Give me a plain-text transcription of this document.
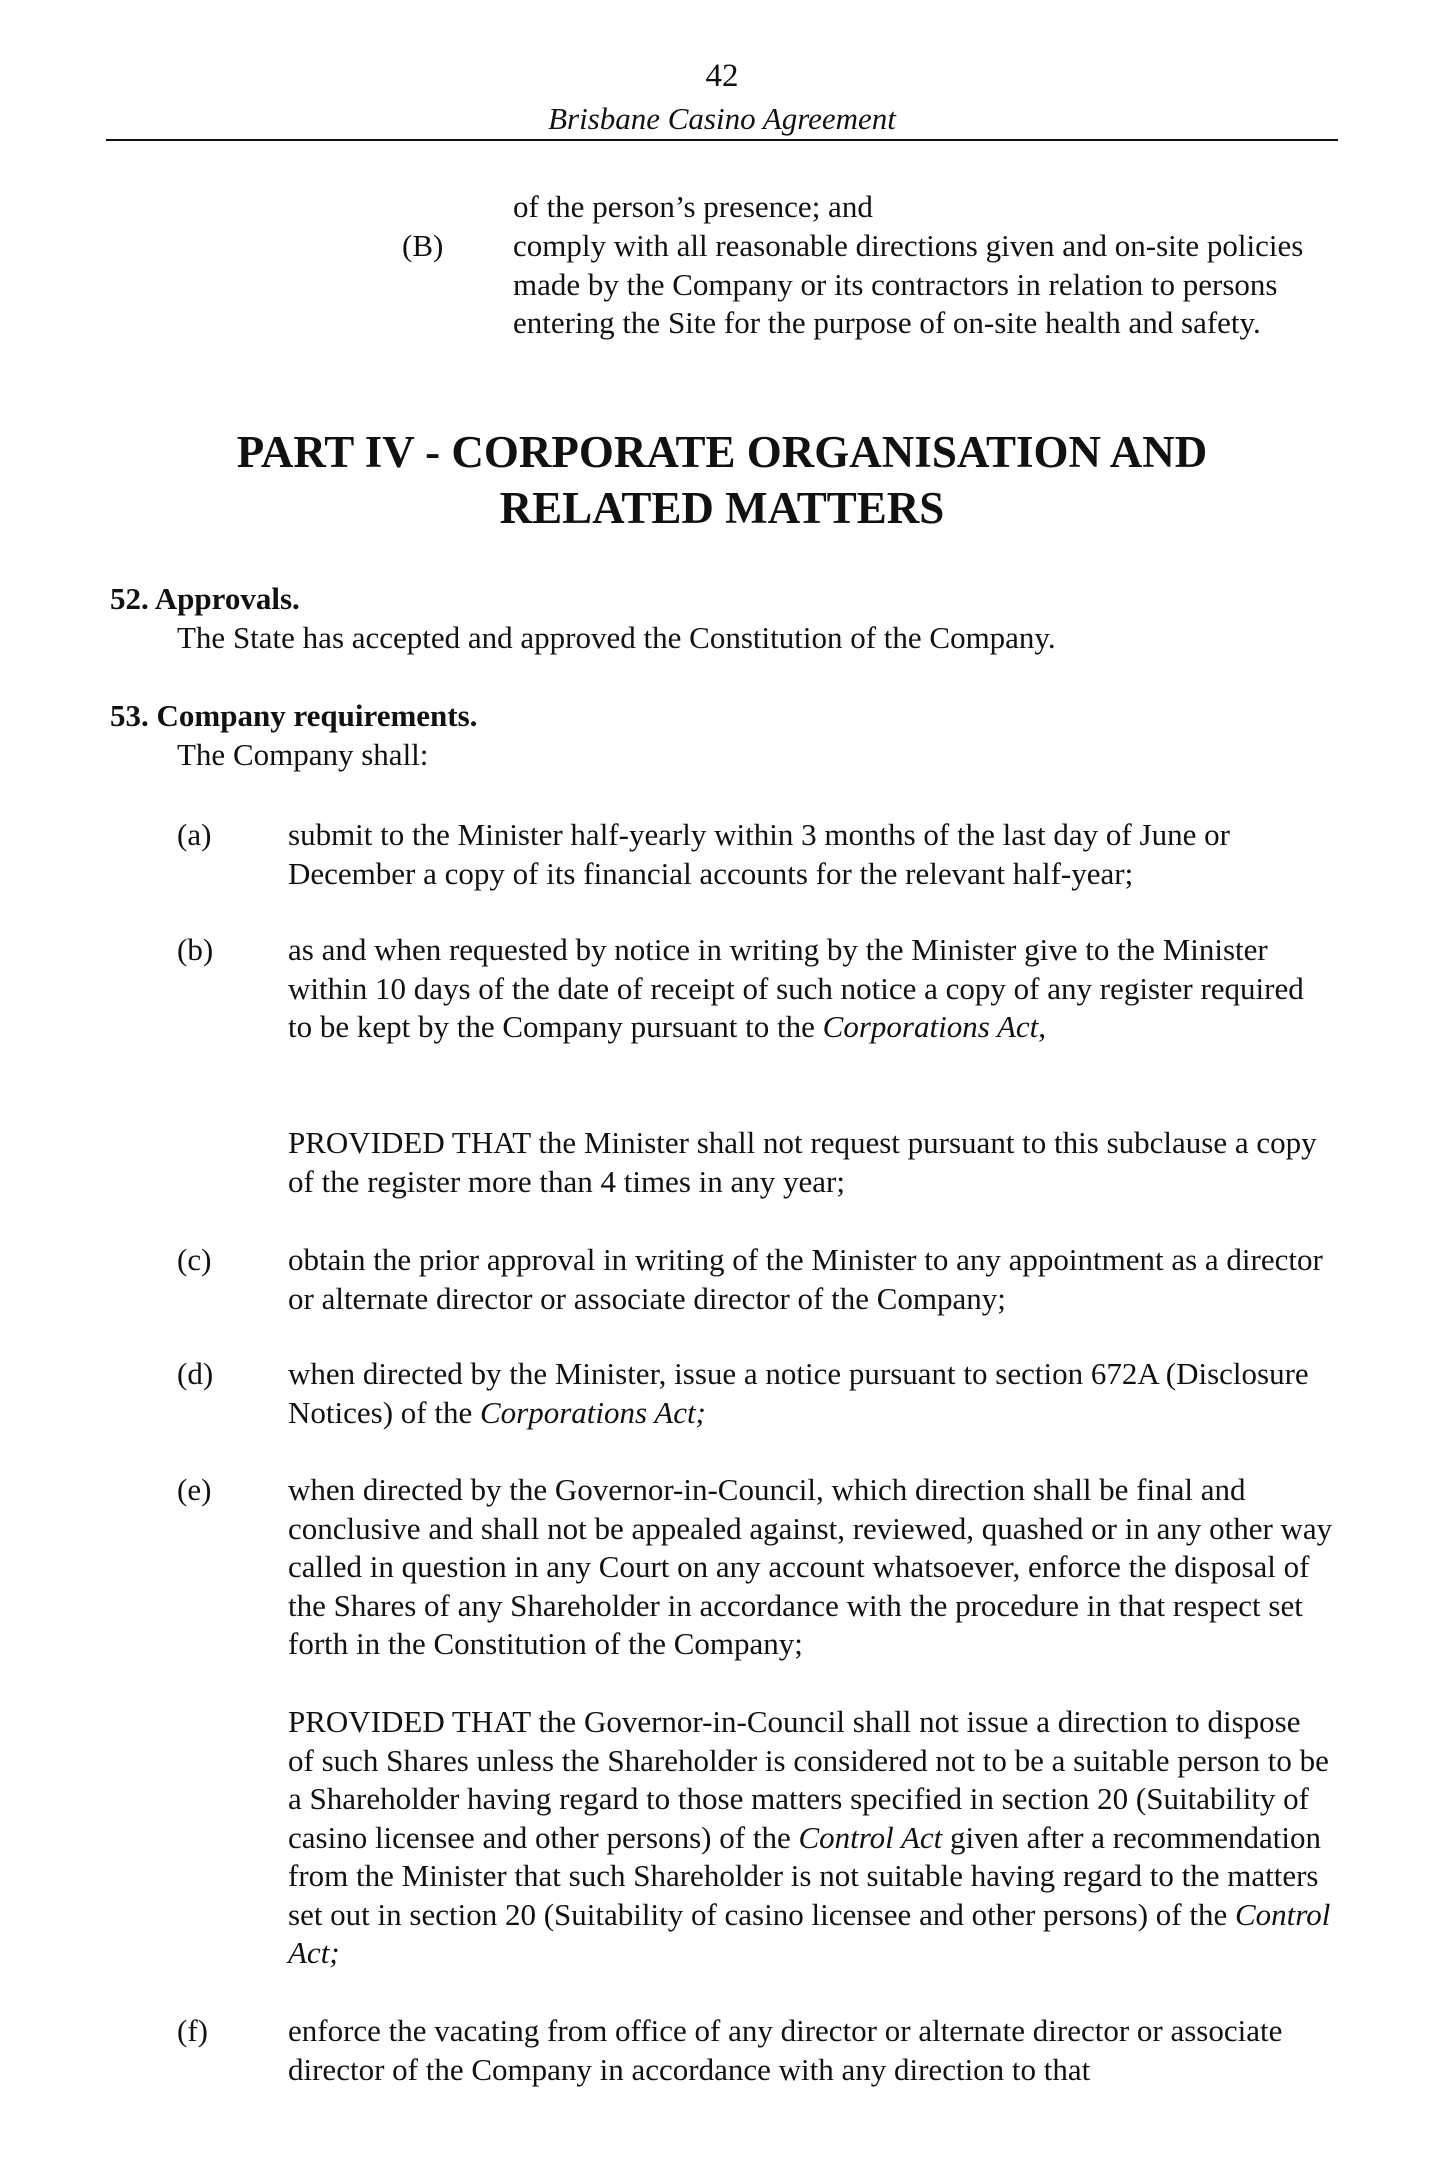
42
Brisbane Casino Agreement
of the person’s presence; and
(B) comply with all reasonable directions given and on-site policies made by the Company or its contractors in relation to persons entering the Site for the purpose of on-site health and safety.
PART IV - CORPORATE ORGANISATION AND
RELATED MATTERS
52. Approvals.
The State has accepted and approved the Constitution of the Company.
53. Company requirements.
The Company shall:
(a) submit to the Minister half-yearly within 3 months of the last day of June or December a copy of its financial accounts for the relevant half-year;

(b) as and when requested by notice in writing by the Minister give to the Minister within 10 days of the date of receipt of such notice a copy of any register required to be kept by the Company pursuant to the Corporations Act,

PROVIDED THAT the Minister shall not request pursuant to this subclause a copy of the register more than 4 times in any year;

(c) obtain the prior approval in writing of the Minister to any appointment as a director or alternate director or associate director of the Company;

(d) when directed by the Minister, issue a notice pursuant to section 672A (Disclosure Notices) of the Corporations Act;

(e) when directed by the Governor-in-Council, which direction shall be final and conclusive and shall not be appealed against, reviewed, quashed or in any other way called in question in any Court on any account whatsoever, enforce the disposal of the Shares of any Shareholder in accordance with the procedure in that respect set forth in the Constitution of the Company;

PROVIDED THAT the Governor-in-Council shall not issue a direction to dispose of such Shares unless the Shareholder is considered not to be a suitable person to be a Shareholder having regard to those matters specified in section 20 (Suitability of casino licensee and other persons) of the Control Act given after a recommendation from the Minister that such Shareholder is not suitable having regard to the matters set out in section 20 (Suitability of casino licensee and other persons) of the Control Act;

(f)	enforce the vacating from office of any director or alternate director or associate director of the Company in accordance with any direction to that
